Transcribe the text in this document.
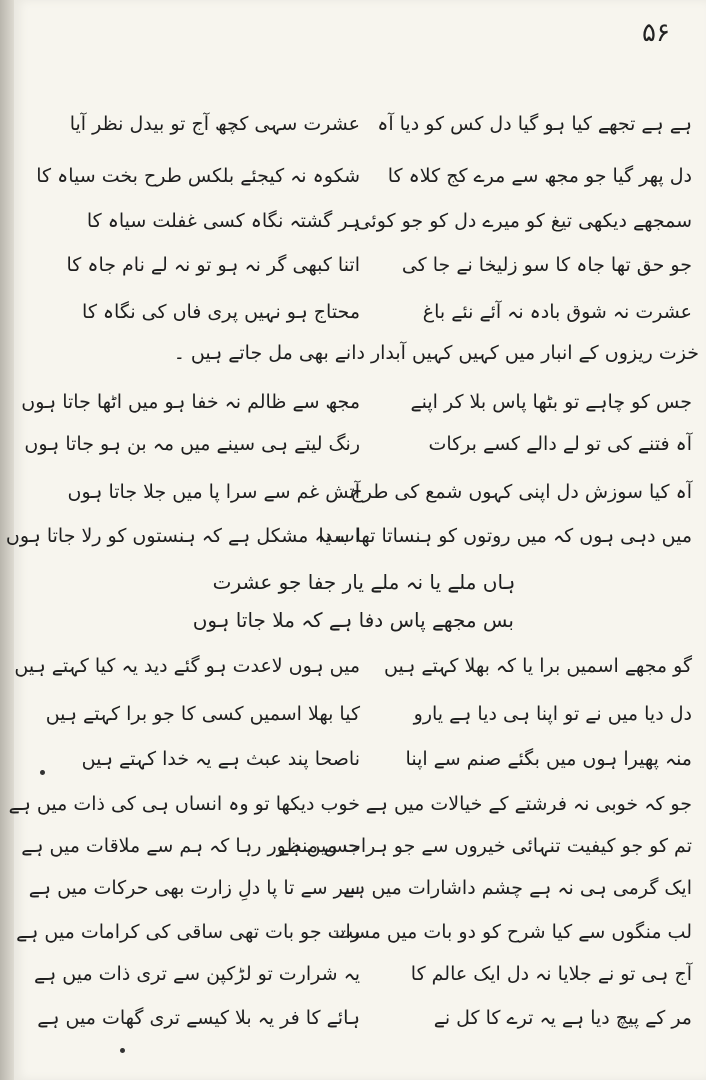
۵۶
ہے ہے تجھے کیا ہو گیا دل کس کو دیا آہ
عشرت سہی کچھ آج تو بیدل نظر آیا
دل پھر گیا جو مجھ سے مرے کج کلاہ کا
شکوہ نہ کیجئے بلکس طرح بخت سیاہ کا
سمجھے دیکھی تیغ کو میرے دل کو جو کوئی
ہر گشتہ نگاہ کسی غفلت سیاہ کا
جو حق تھا جاہ کا سو زلیخا نے جا کی
اتنا کبھی گر نہ ہو تو نہ لے نام جاہ کا
عشرت نہ شوق بادہ نہ آئے نئے باغ
محتاج ہو نہیں پری فاں کی نگاہ کا
خزت ریزوں کے انبار میں کہیں کہیں آبدار دانے بھی مل جاتے ہیں ۔
جس کو چاہے تو بٹھا پاس بلا کر اپنے
مجھ سے ظالم نہ خفا ہو میں اٹھا جاتا ہوں
آہ فتنے کی تو لے دالے کسے برکات
رنگ لیتے ہی سینے میں مہ بن ہو جاتا ہوں
آہ کیا سوزش دل اپنی کہوں شمع کی طرح
آتش غم سے سرا پا میں جلا جاتا ہوں
میں دہی ہوں کہ میں روتوں کو ہنساتا تھا سدا
اب یہ مشکل ہے کہ ہنستوں کو رلا جاتا ہوں
ہاں ملے یا نہ ملے یار جفا جو عشرت
بس مجھے پاس دفا ہے کہ ملا جاتا ہوں
گو مجھے اسمیں برا یا کہ بھلا کہتے ہیں
میں ہوں لاعدت ہو گئے دید یہ کیا کہتے ہیں
دل دیا میں نے تو اپنا ہی دیا ہے یارو
کیا بھلا اسمیں کسی کا جو برا کہتے ہیں
منہ پھیرا ہوں میں بگئے صنم سے اپنا
ناصحا پند عبث ہے یہ خدا کہتے ہیں
جو کہ خوبی نہ فرشتے کے خیالات میں ہے
خوب دیکھا تو وہ انساں ہی کی ذات میں ہے
تم کو جو کیفیت تنہائی خیروں سے جو ہرات میں ہے
جس منظور رہا کہ ہم سے ملاقات میں ہے
ایک گرمی ہی نہ ہے چشم داشارات میں ہے
سر سے تا پا دلِ زارت بھی حرکات میں ہے
لب منگوں سے کیا شرح کو دو بات میں مست
رات جو بات تھی ساقی کی کرامات میں ہے
آج ہی تو نے جلایا نہ دل ایک عالم کا
یہ شرارت تو لڑکپن سے تری ذات میں ہے
مر کے پیچ دیا ہے یہ ترے کا کل نے
ہائے کا فر یہ بلا کیسے تری گھات میں ہے
